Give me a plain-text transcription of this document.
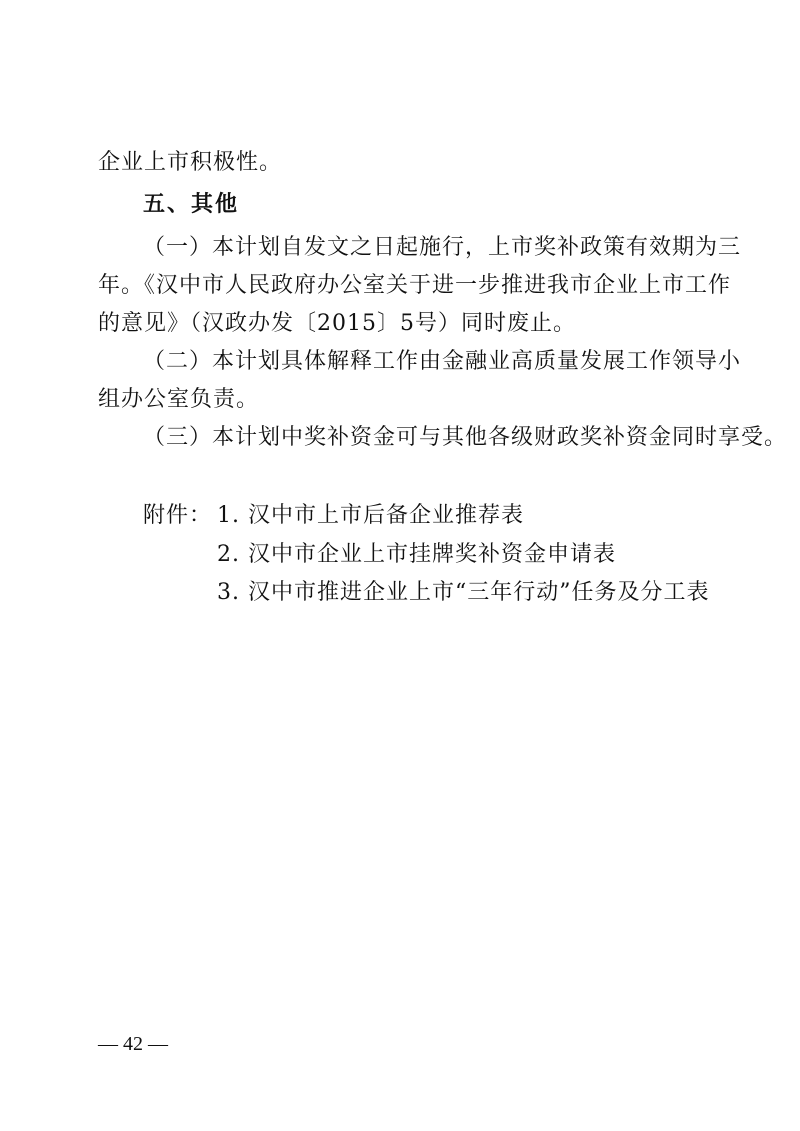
企业上市积极性。
五、其他
（一）本计划自发文之日起施行，上市奖补政策有效期为三
年。《汉中市人民政府办公室关于进一步推进我市企业上市工作
的意见》（汉政办发〔2015〕5号）同时废止。
（二）本计划具体解释工作由金融业高质量发展工作领导小
组办公室负责。
（三）本计划中奖补资金可与其他各级财政奖补资金同时享受。
附件： 1. 汉中市上市后备企业推荐表
2. 汉中市企业上市挂牌奖补资金申请表
3. 汉中市推进企业上市“三年行动”任务及分工表
— 42 —
